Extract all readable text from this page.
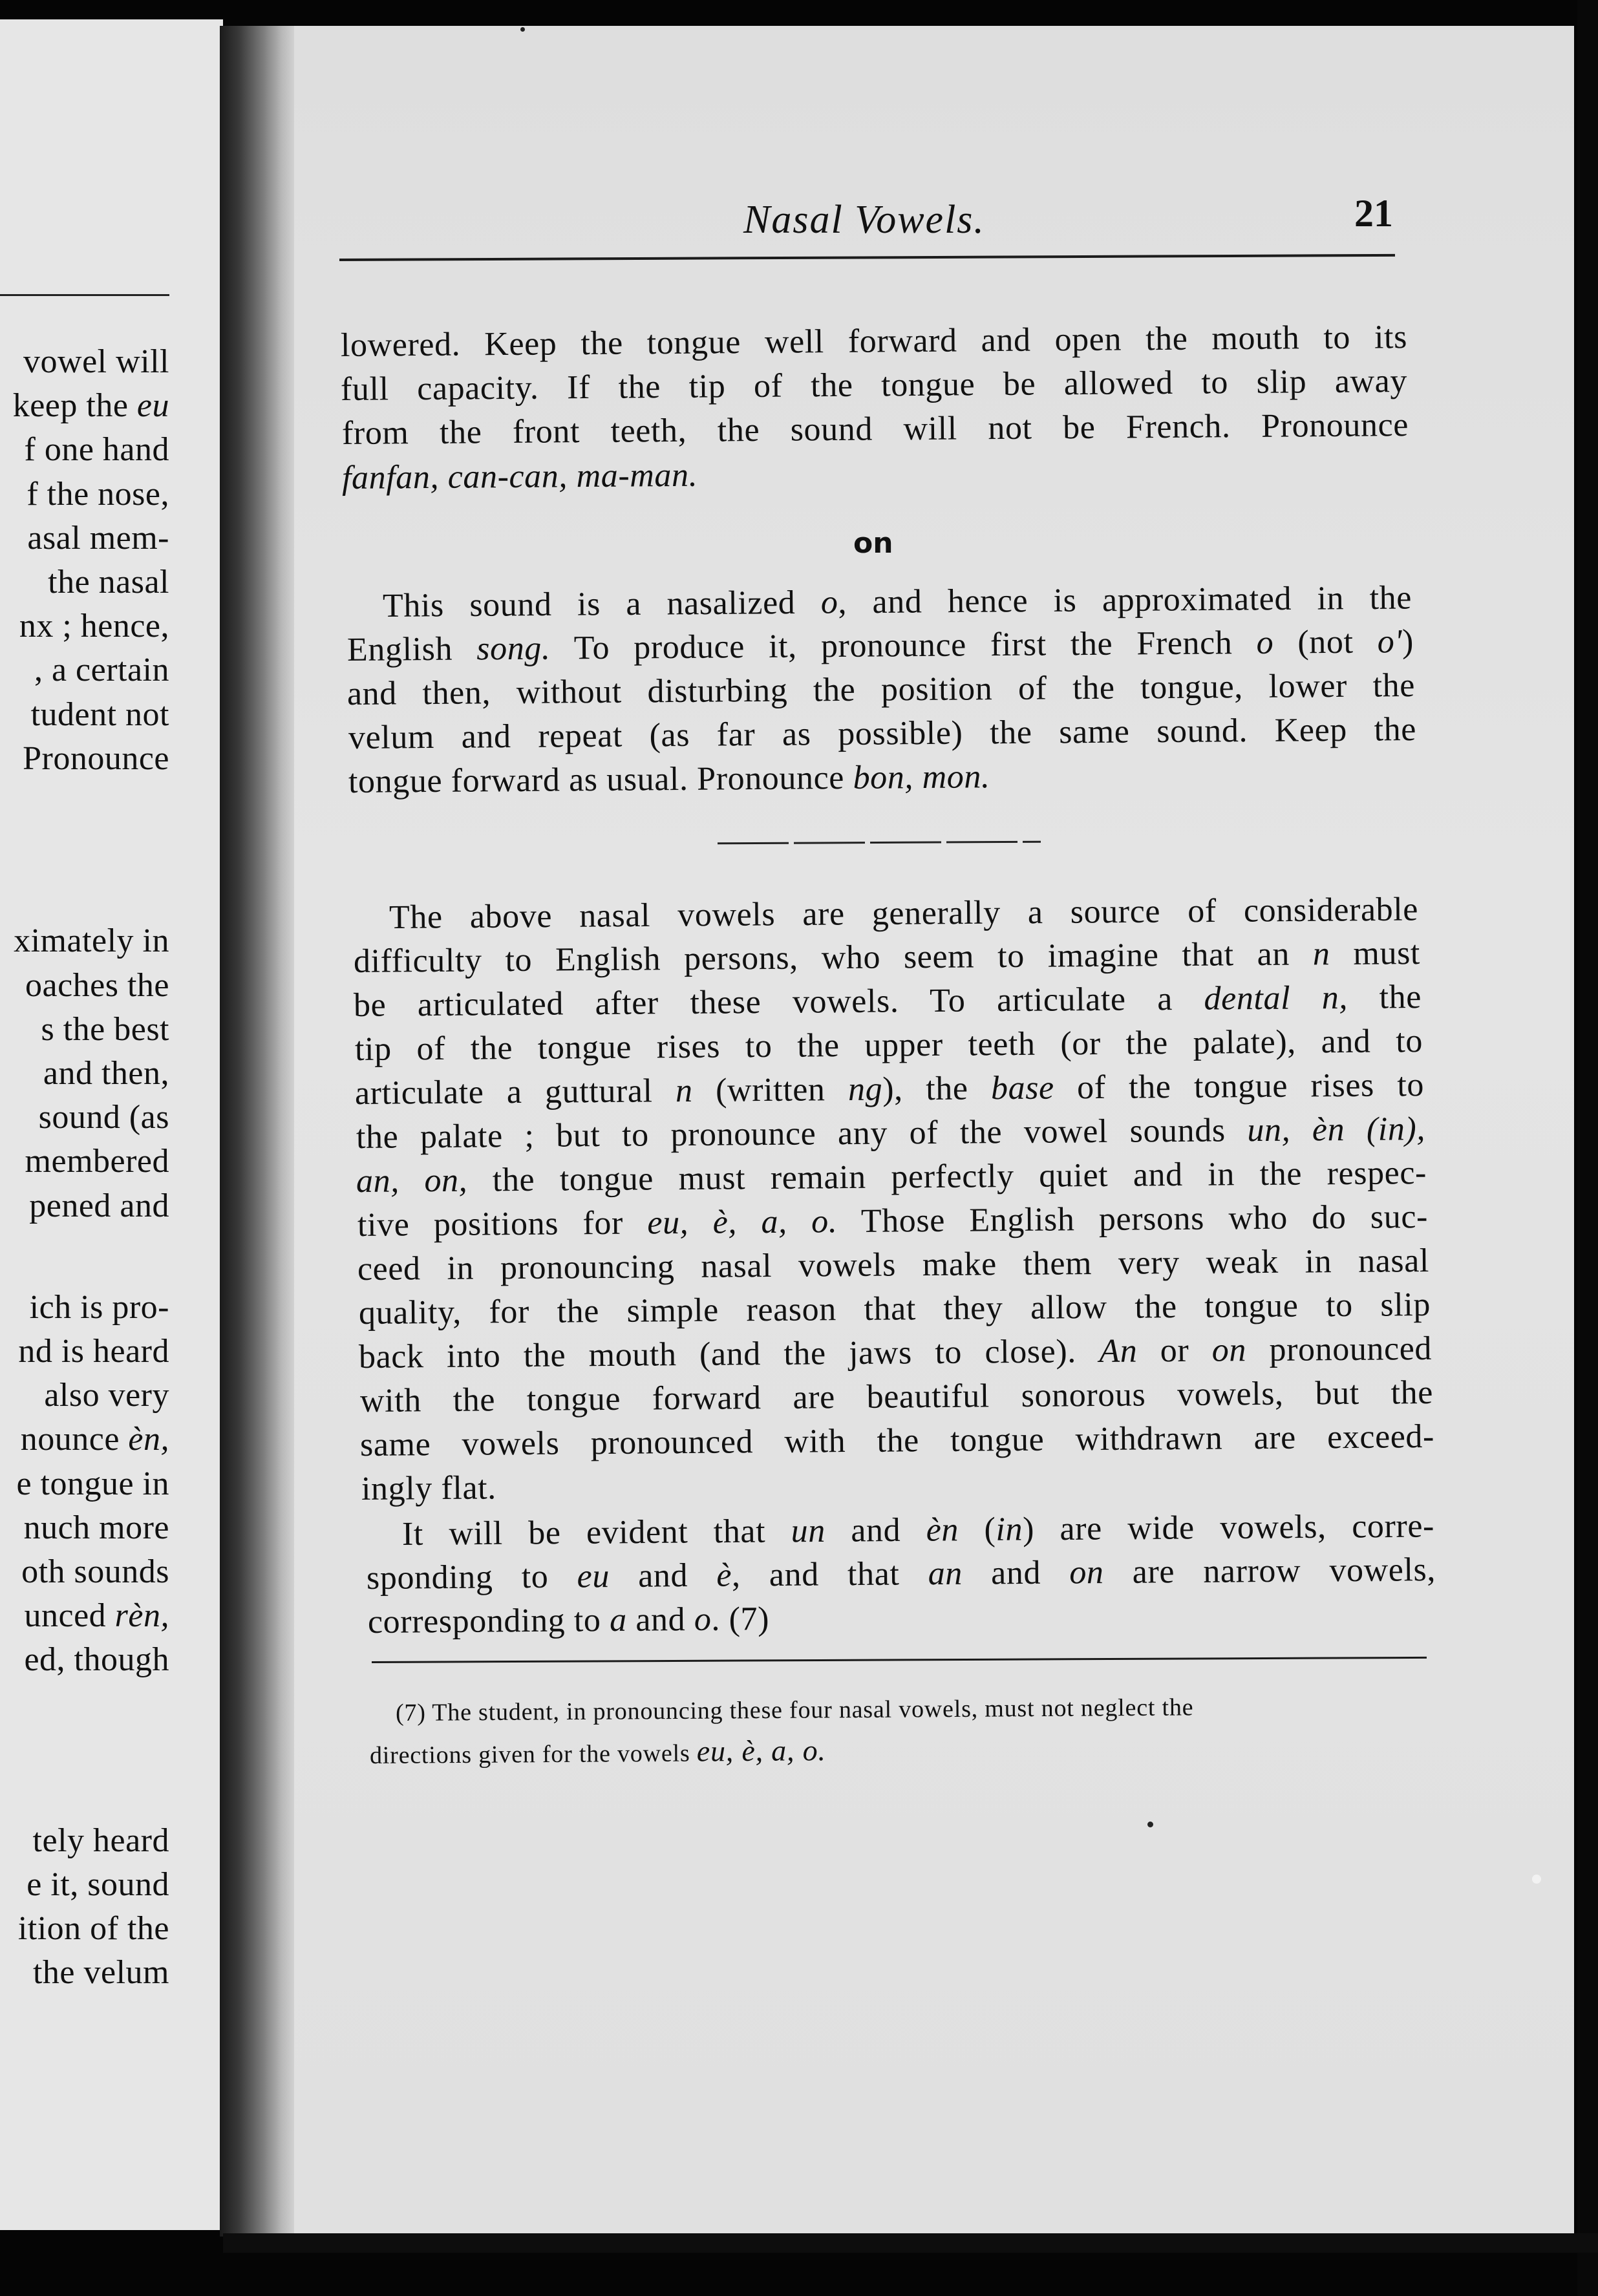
vowel will
keep the eu
f one hand
f the nose,
asal mem-
the nasal
nx ; hence,
, a certain
tudent not
Pronounce
ximately in
oaches the
s the best
and then,
sound (as
membered
pened and
ich is pro-
nd is heard
also very
nounce èn,
e tongue in
nuch more
oth sounds
unced rèn,
ed, though
tely heard
e it, sound
ition of the
the velum
Nasal Vowels.	21
lowered. Keep the tongue well forward and open the mouth to its
full capacity. If the tip of the tongue be allowed to slip away
from the front teeth, the sound will not be French. Pronounce
fanfan, can-can, ma-man.
on
This sound is a nasalized o, and hence is approximated in the
English song. To produce it, pronounce first the French o (not o')
and then, without disturbing the position of the tongue, lower the
velum and repeat (as far as possible) the same sound. Keep the
tongue forward as usual. Pronounce bon, mon.
The above nasal vowels are generally a source of considerable
difficulty to English persons, who seem to imagine that an n must
be articulated after these vowels. To articulate a dental n, the
tip of the tongue rises to the upper teeth (or the palate), and to
articulate a guttural n (written ng), the base of the tongue rises to
the palate ; but to pronounce any of the vowel sounds un, èn (in),
an, on, the tongue must remain perfectly quiet and in the respec-
tive positions for eu, è, a, o. Those English persons who do suc-
ceed in pronouncing nasal vowels make them very weak in nasal
quality, for the simple reason that they allow the tongue to slip
back into the mouth (and the jaws to close). An or on pronounced
with the tongue forward are beautiful sonorous vowels, but the
same vowels pronounced with the tongue withdrawn are exceed-
ingly flat.
It will be evident that un and èn (in) are wide vowels, corre-
sponding to eu and è, and that an and on are narrow vowels,
corresponding to a and o. (7)
(7) The student, in pronouncing these four nasal vowels, must not neglect the
directions given for the vowels eu, è, a, o.
